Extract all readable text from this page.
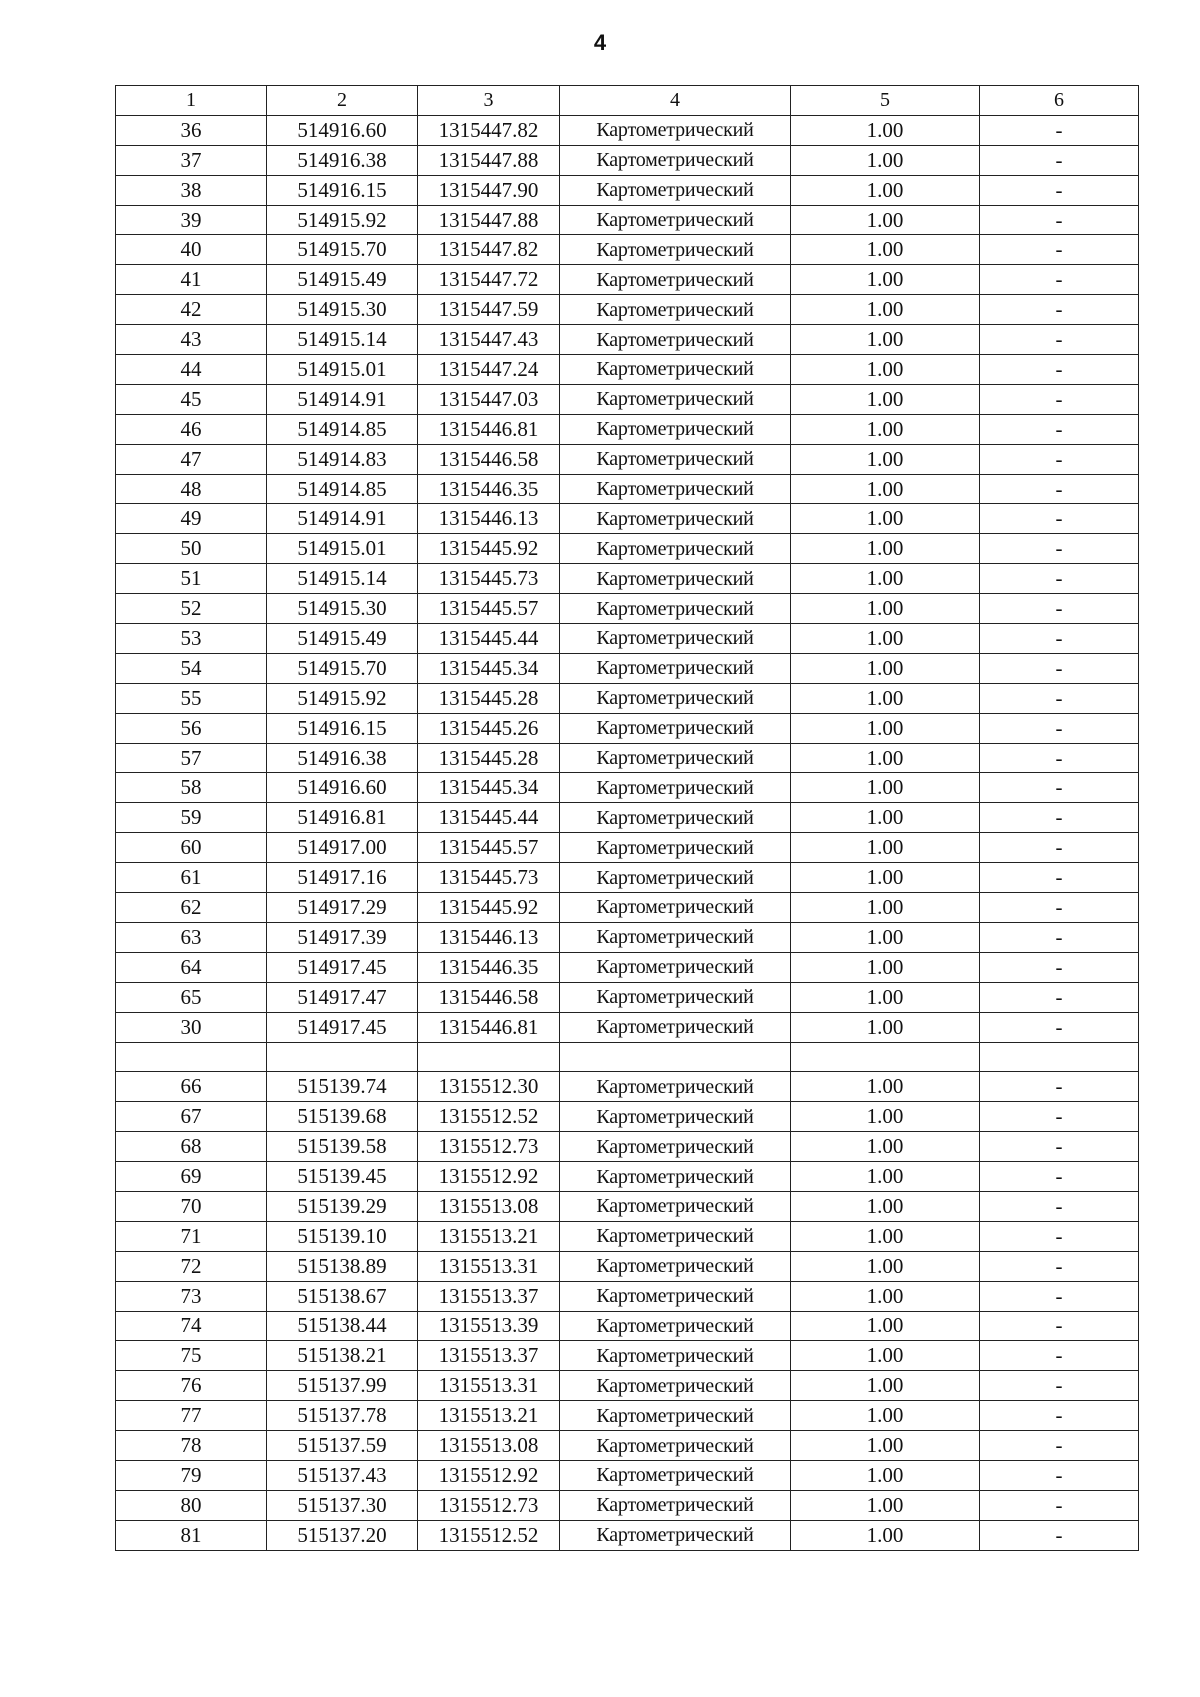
4
1	2	3	4	5	6
36	514916.60	1315447.82	Картометрический	1.00	-
37	514916.38	1315447.88	Картометрический	1.00	-
38	514916.15	1315447.90	Картометрический	1.00	-
39	514915.92	1315447.88	Картометрический	1.00	-
40	514915.70	1315447.82	Картометрический	1.00	-
41	514915.49	1315447.72	Картометрический	1.00	-
42	514915.30	1315447.59	Картометрический	1.00	-
43	514915.14	1315447.43	Картометрический	1.00	-
44	514915.01	1315447.24	Картометрический	1.00	-
45	514914.91	1315447.03	Картометрический	1.00	-
46	514914.85	1315446.81	Картометрический	1.00	-
47	514914.83	1315446.58	Картометрический	1.00	-
48	514914.85	1315446.35	Картометрический	1.00	-
49	514914.91	1315446.13	Картометрический	1.00	-
50	514915.01	1315445.92	Картометрический	1.00	-
51	514915.14	1315445.73	Картометрический	1.00	-
52	514915.30	1315445.57	Картометрический	1.00	-
53	514915.49	1315445.44	Картометрический	1.00	-
54	514915.70	1315445.34	Картометрический	1.00	-
55	514915.92	1315445.28	Картометрический	1.00	-
56	514916.15	1315445.26	Картометрический	1.00	-
57	514916.38	1315445.28	Картометрический	1.00	-
58	514916.60	1315445.34	Картометрический	1.00	-
59	514916.81	1315445.44	Картометрический	1.00	-
60	514917.00	1315445.57	Картометрический	1.00	-
61	514917.16	1315445.73	Картометрический	1.00	-
62	514917.29	1315445.92	Картометрический	1.00	-
63	514917.39	1315446.13	Картометрический	1.00	-
64	514917.45	1315446.35	Картометрический	1.00	-
65	514917.47	1315446.58	Картометрический	1.00	-
30	514917.45	1315446.81	Картометрический	1.00	-

66	515139.74	1315512.30	Картометрический	1.00	-
67	515139.68	1315512.52	Картометрический	1.00	-
68	515139.58	1315512.73	Картометрический	1.00	-
69	515139.45	1315512.92	Картометрический	1.00	-
70	515139.29	1315513.08	Картометрический	1.00	-
71	515139.10	1315513.21	Картометрический	1.00	-
72	515138.89	1315513.31	Картометрический	1.00	-
73	515138.67	1315513.37	Картометрический	1.00	-
74	515138.44	1315513.39	Картометрический	1.00	-
75	515138.21	1315513.37	Картометрический	1.00	-
76	515137.99	1315513.31	Картометрический	1.00	-
77	515137.78	1315513.21	Картометрический	1.00	-
78	515137.59	1315513.08	Картометрический	1.00	-
79	515137.43	1315512.92	Картометрический	1.00	-
80	515137.30	1315512.73	Картометрический	1.00	-
81	515137.20	1315512.52	Картометрический	1.00	-
